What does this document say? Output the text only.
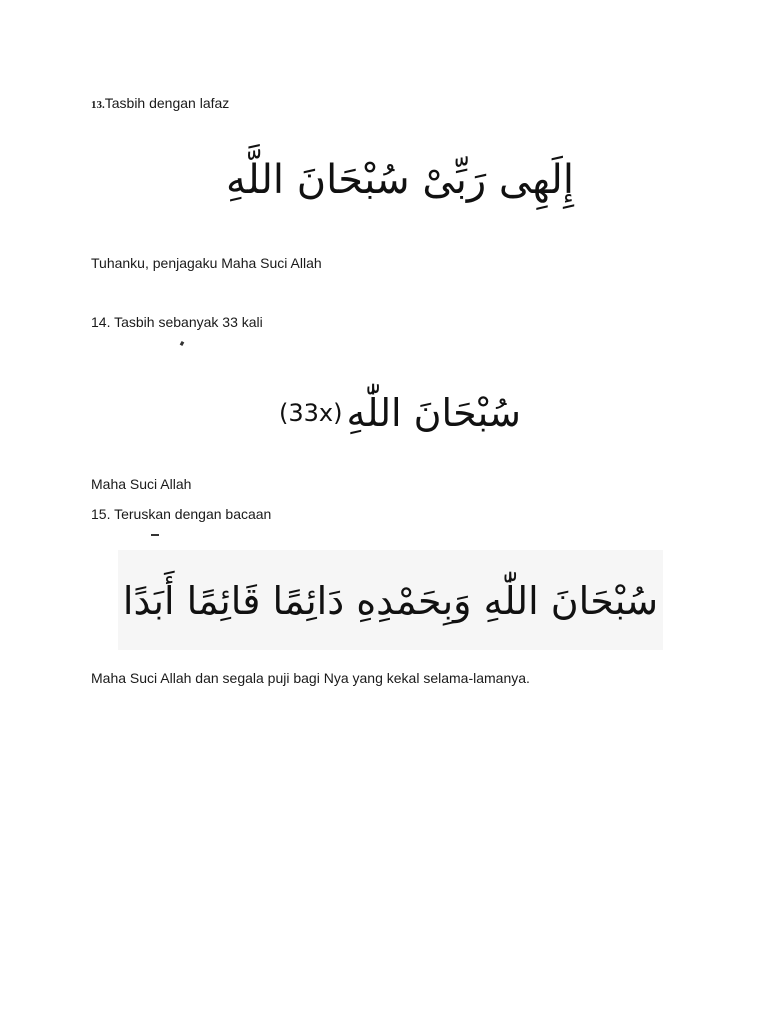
13.Tasbih dengan lafaz
إِلَهِى رَبِّىْ سُبْحَانَ اللَّهِ
Tuhanku, penjagaku Maha Suci Allah
14. Tasbih sebanyak 33 kali
(33x) سُبْحَانَ اللّٰهِ
Maha Suci Allah
15. Teruskan dengan bacaan
سُبْحَانَ اللّٰهِ وَبِحَمْدِهِ دَائِمًا قَائِمًا أَبَدًا
Maha Suci Allah dan segala puji bagi Nya yang kekal selama-lamanya.
